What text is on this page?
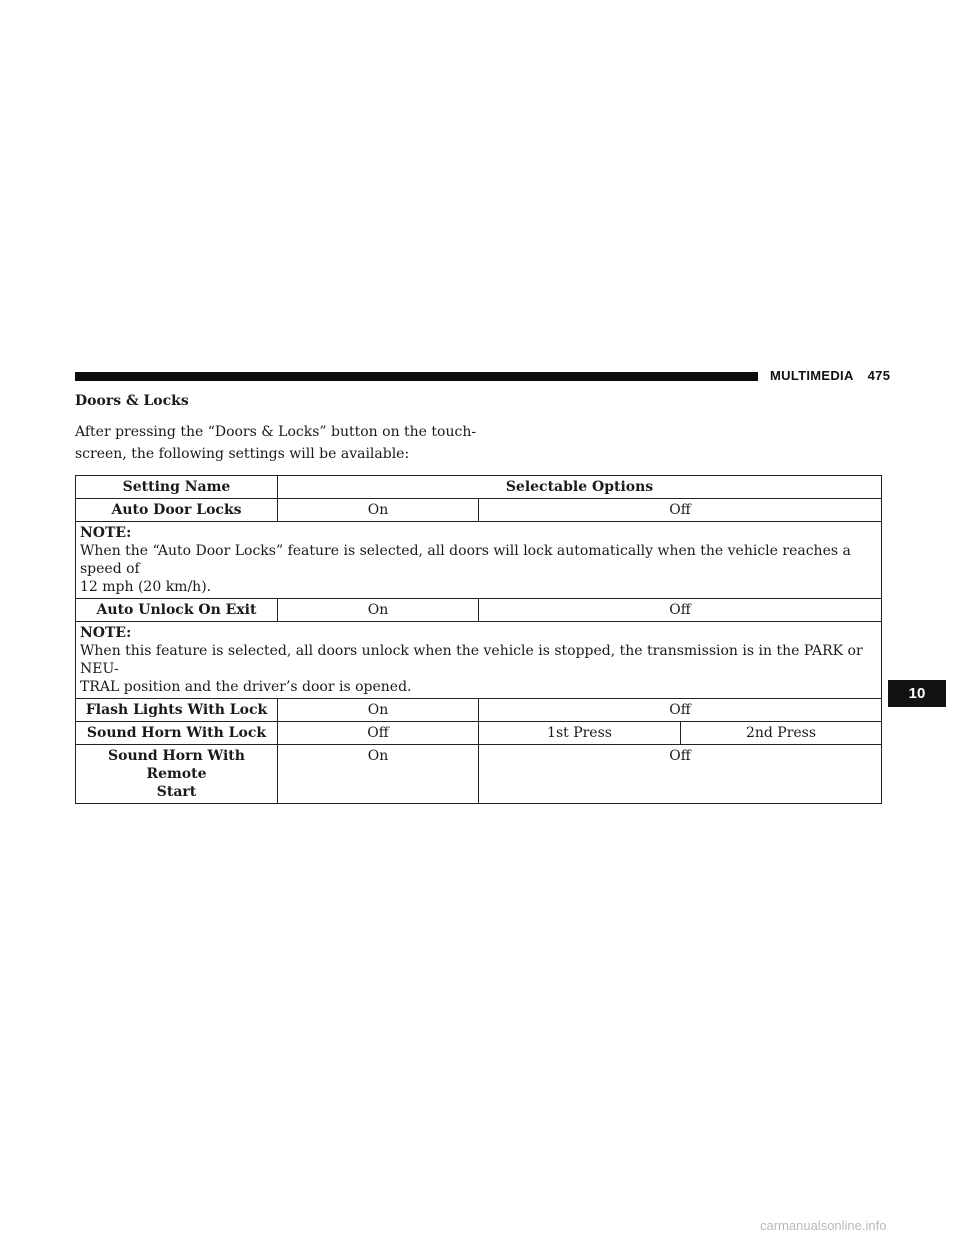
MULTIMEDIA 475
Doors & Locks

After pressing the “Doors & Locks” button on the touch-

screen, the following settings will be available:

Setting Name	Selectable Options		
Auto Door Locks	On	Off	

NOTE:
When the “Auto Door Locks” feature is selected, all doors will lock automatically when the vehicle reaches a speed of
12 mph (20 km/h).			
Auto Unlock On Exit	On	Off	

NOTE:
When this feature is selected, all doors unlock when the vehicle is stopped, the transmission is in the PARK or NEU-
TRAL position and the driver’s door is opened.			
Flash Lights With Lock	On	Off	
Sound Horn With Lock	Off	1st Press	2nd Press
Sound Horn With Remote
Start	On	Off	
10
carmanualsonline.info
